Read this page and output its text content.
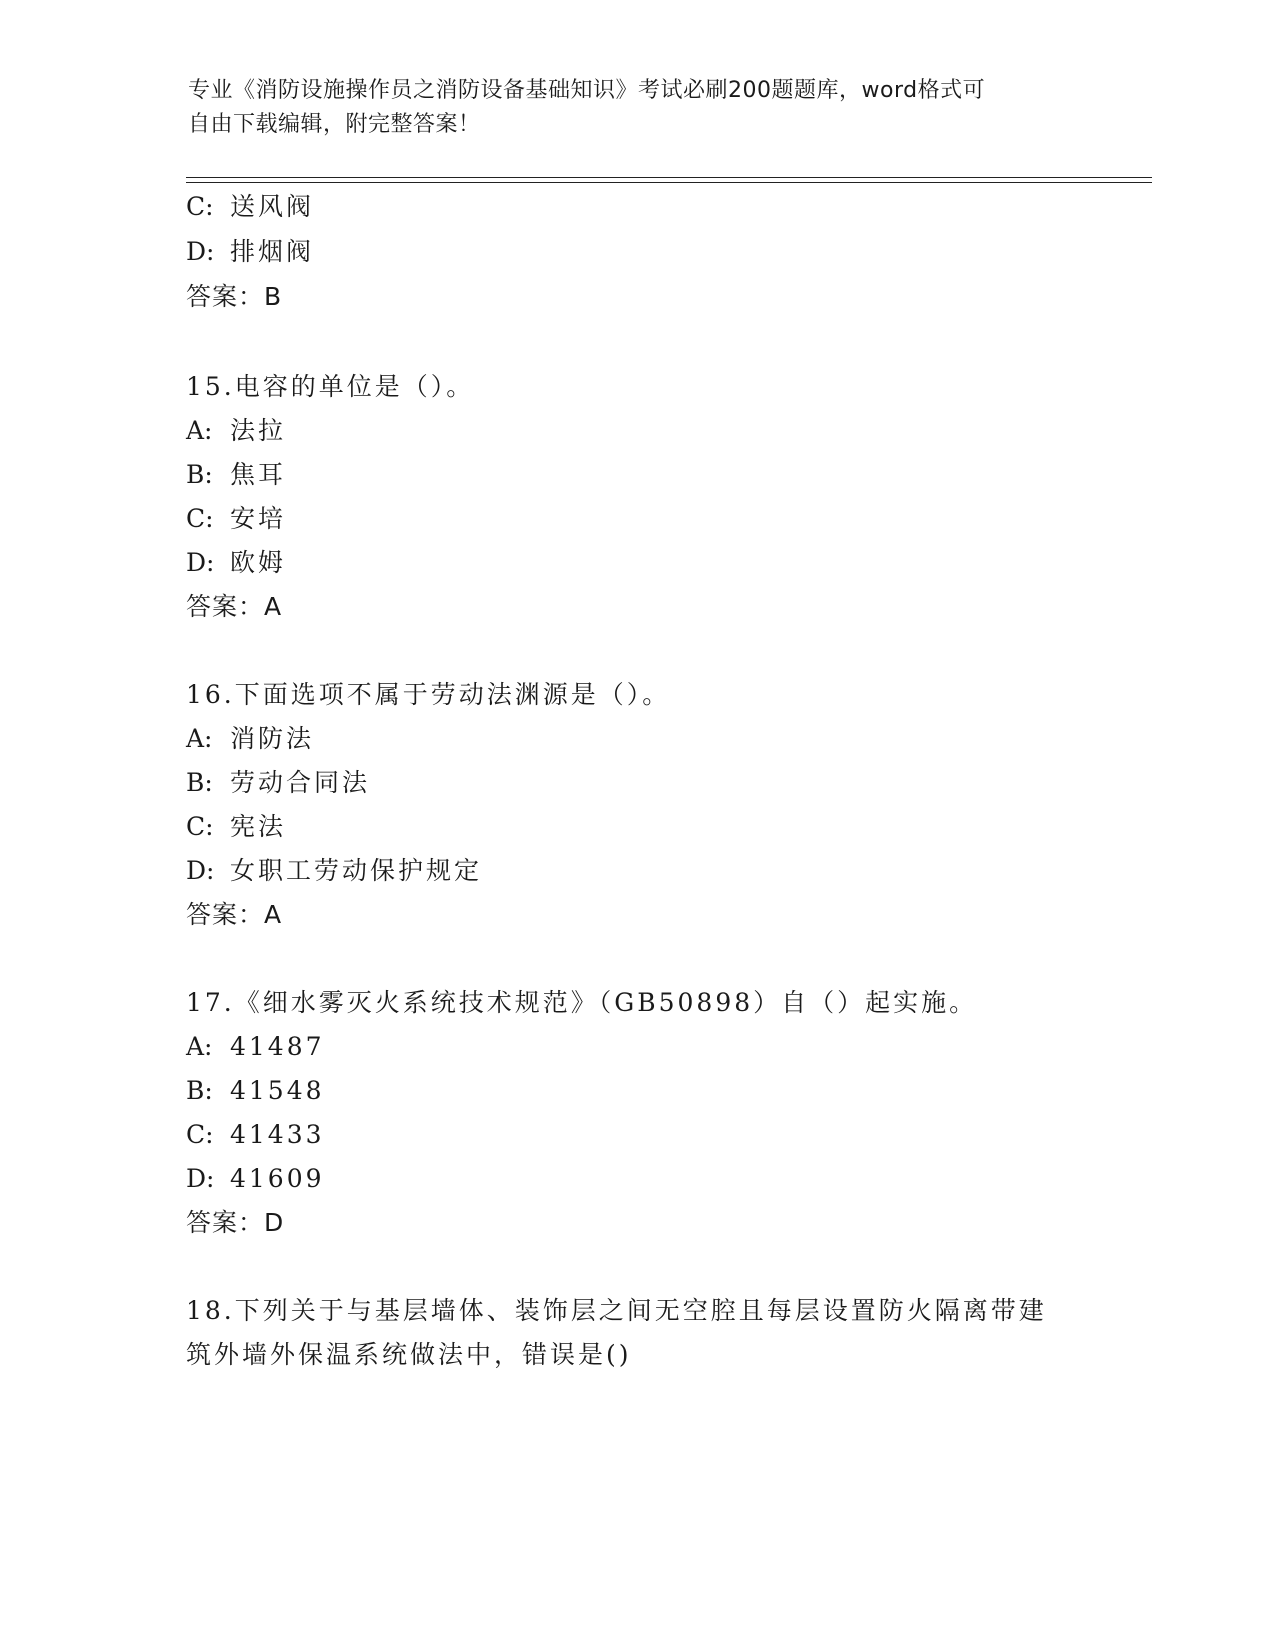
专业《消防设施操作员之消防设备基础知识》考试必刷200题题库，word格式可
自由下载编辑，附完整答案！
C: 送风阀
D: 排烟阀
答案：B
15.电容的单位是（）。
A: 法拉
B: 焦耳
C: 安培
D: 欧姆
答案：A
16.下面选项不属于劳动法渊源是（）。
A: 消防法
B: 劳动合同法
C: 宪法
D: 女职工劳动保护规定
答案：A
17.《细水雾灭火系统技术规范》（GB50898）自（）起实施。
A: 41487
B: 41548
C: 41433
D: 41609
答案：D
18.下列关于与基层墙体、装饰层之间无空腔且每层设置防火隔离带建
筑外墙外保温系统做法中，错误是()
